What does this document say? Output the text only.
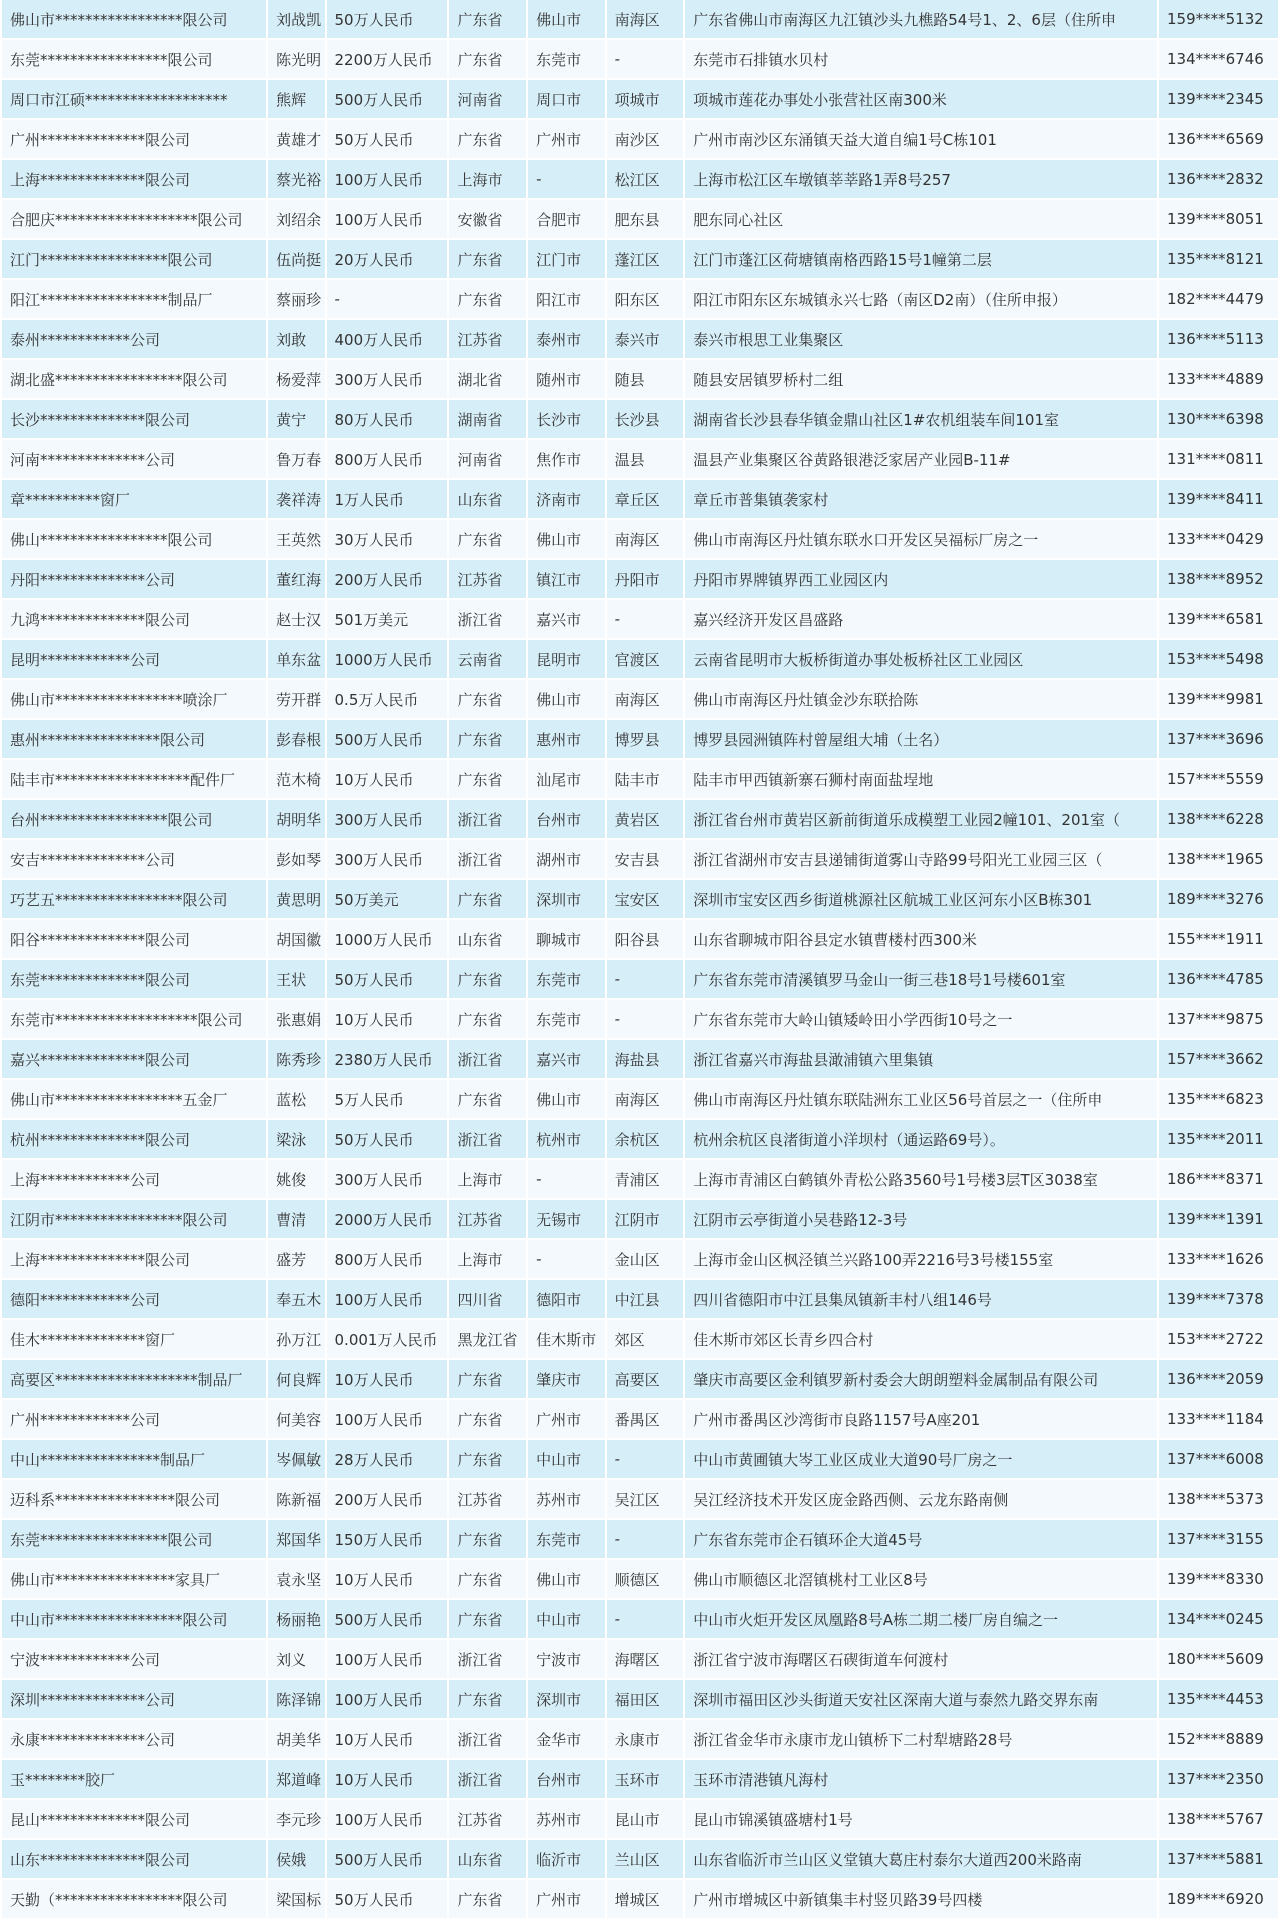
佛山市*****************限公司	刘战凯	50万人民币	广东省	佛山市	南海区	广东省佛山市南海区九江镇沙头九樵路54号1、2、6层（住所申	159****5132
东莞*****************限公司	陈光明	2200万人民币	广东省	东莞市	-	东莞市石排镇水贝村	134****6746
周口市江硕*******************	熊辉	500万人民币	河南省	周口市	项城市	项城市莲花办事处小张营社区南300米	139****2345
广州**************限公司	黄雄才	50万人民币	广东省	广州市	南沙区	广州市南沙区东涌镇天益大道自编1号C栋101	136****6569
上海**************限公司	蔡光裕	100万人民币	上海市	-	松江区	上海市松江区车墩镇莘莘路1弄8号257	136****2832
合肥庆*******************限公司	刘绍余	100万人民币	安徽省	合肥市	肥东县	肥东同心社区	139****8051
江门*****************限公司	伍尚挺	20万人民币	广东省	江门市	蓬江区	江门市蓬江区荷塘镇南格西路15号1幢第二层	135****8121
阳江*****************制品厂	蔡丽珍	-	广东省	阳江市	阳东区	阳江市阳东区东城镇永兴七路（南区D2南）（住所申报）	182****4479
泰州************公司	刘敢	400万人民币	江苏省	泰州市	泰兴市	泰兴市根思工业集聚区	136****5113
湖北盛*****************限公司	杨爱萍	300万人民币	湖北省	随州市	随县	随县安居镇罗桥村二组	133****4889
长沙**************限公司	黄宁	80万人民币	湖南省	长沙市	长沙县	湖南省长沙县春华镇金鼎山社区1#农机组装车间101室	130****6398
河南**************公司	鲁万春	800万人民币	河南省	焦作市	温县	温县产业集聚区谷黄路银港泛家居产业园B-11#	131****0811
章**********窗厂	袭祥涛	1万人民币	山东省	济南市	章丘区	章丘市普集镇袭家村	139****8411
佛山*****************限公司	王英然	30万人民币	广东省	佛山市	南海区	佛山市南海区丹灶镇东联水口开发区吴福标厂房之一	133****0429
丹阳**************公司	董红海	200万人民币	江苏省	镇江市	丹阳市	丹阳市界牌镇界西工业园区内	138****8952
九鸿**************限公司	赵士汉	501万美元	浙江省	嘉兴市	-	嘉兴经济开发区昌盛路	139****6581
昆明************公司	单东盆	1000万人民币	云南省	昆明市	官渡区	云南省昆明市大板桥街道办事处板桥社区工业园区	153****5498
佛山市*****************喷涂厂	劳开群	0.5万人民币	广东省	佛山市	南海区	佛山市南海区丹灶镇金沙东联拾陈	139****9981
惠州****************限公司	彭春根	500万人民币	广东省	惠州市	博罗县	博罗县园洲镇阵村曾屋组大埔（土名）	137****3696
陆丰市******************配件厂	范木椅	10万人民币	广东省	汕尾市	陆丰市	陆丰市甲西镇新寨石狮村南面盐埕地	157****5559
台州*****************限公司	胡明华	300万人民币	浙江省	台州市	黄岩区	浙江省台州市黄岩区新前街道乐成模塑工业园2幢101、201室（	138****6228
安吉**************公司	彭如琴	300万人民币	浙江省	湖州市	安吉县	浙江省湖州市安吉县递铺街道雾山寺路99号阳光工业园三区（	138****1965
巧艺五*****************限公司	黄思明	50万美元	广东省	深圳市	宝安区	深圳市宝安区西乡街道桃源社区航城工业区河东小区B栋301	189****3276
阳谷**************限公司	胡国徽	1000万人民币	山东省	聊城市	阳谷县	山东省聊城市阳谷县定水镇曹楼村西300米	155****1911
东莞**************限公司	王状	50万人民币	广东省	东莞市	-	广东省东莞市清溪镇罗马金山一街三巷18号1号楼601室	136****4785
东莞市*******************限公司	张惠娟	10万人民币	广东省	东莞市	-	广东省东莞市大岭山镇矮岭田小学西街10号之一	137****9875
嘉兴**************限公司	陈秀珍	2380万人民币	浙江省	嘉兴市	海盐县	浙江省嘉兴市海盐县澉浦镇六里集镇	157****3662
佛山市*****************五金厂	蓝松	5万人民币	广东省	佛山市	南海区	佛山市南海区丹灶镇东联陆洲东工业区56号首层之一（住所申	135****6823
杭州**************限公司	梁泳	50万人民币	浙江省	杭州市	余杭区	杭州余杭区良渚街道小洋坝村（通运路69号）。	135****2011
上海************公司	姚俊	300万人民币	上海市	-	青浦区	上海市青浦区白鹤镇外青松公路3560号1号楼3层T区3038室	186****8371
江阴市*****************限公司	曹清	2000万人民币	江苏省	无锡市	江阴市	江阴市云亭街道小吴巷路12-3号	139****1391
上海**************限公司	盛芳	800万人民币	上海市	-	金山区	上海市金山区枫泾镇兰兴路100弄2216号3号楼155室	133****1626
德阳************公司	奉五木	100万人民币	四川省	德阳市	中江县	四川省德阳市中江县集凤镇新丰村八组146号	139****7378
佳木**************窗厂	孙万江	0.001万人民币	黑龙江省	佳木斯市	郊区	佳木斯市郊区长青乡四合村	153****2722
高要区*******************制品厂	何良辉	10万人民币	广东省	肇庆市	高要区	肇庆市高要区金利镇罗新村委会大朗朗塑料金属制品有限公司	136****2059
广州************公司	何美容	100万人民币	广东省	广州市	番禺区	广州市番禺区沙湾街市良路1157号A座201	133****1184
中山****************制品厂	岑佩敏	28万人民币	广东省	中山市	-	中山市黄圃镇大岑工业区成业大道90号厂房之一	137****6008
迈科系****************限公司	陈新福	200万人民币	江苏省	苏州市	吴江区	吴江经济技术开发区庞金路西侧、云龙东路南侧	138****5373
东莞*****************限公司	郑国华	150万人民币	广东省	东莞市	-	广东省东莞市企石镇环企大道45号	137****3155
佛山市****************家具厂	袁永坚	10万人民币	广东省	佛山市	顺德区	佛山市顺德区北滘镇桃村工业区8号	139****8330
中山市*****************限公司	杨丽艳	500万人民币	广东省	中山市	-	中山市火炬开发区凤凰路8号A栋二期二楼厂房自编之一	134****0245
宁波************公司	刘义	100万人民币	浙江省	宁波市	海曙区	浙江省宁波市海曙区石碶街道车何渡村	180****5609
深圳**************公司	陈泽锦	100万人民币	广东省	深圳市	福田区	深圳市福田区沙头街道天安社区深南大道与泰然九路交界东南	135****4453
永康**************公司	胡美华	10万人民币	浙江省	金华市	永康市	浙江省金华市永康市龙山镇桥下二村犁塘路28号	152****8889
玉********胶厂	郑道峰	10万人民币	浙江省	台州市	玉环市	玉环市清港镇凡海村	137****2350
昆山**************限公司	李元珍	100万人民币	江苏省	苏州市	昆山市	昆山市锦溪镇盛塘村1号	138****5767
山东**************限公司	侯娥	500万人民币	山东省	临沂市	兰山区	山东省临沂市兰山区义堂镇大葛庄村泰尔大道西200米路南	137****5881
天勤（*****************限公司	梁国标	50万人民币	广东省	广州市	增城区	广州市增城区中新镇集丰村竖贝路39号四楼	189****6920
